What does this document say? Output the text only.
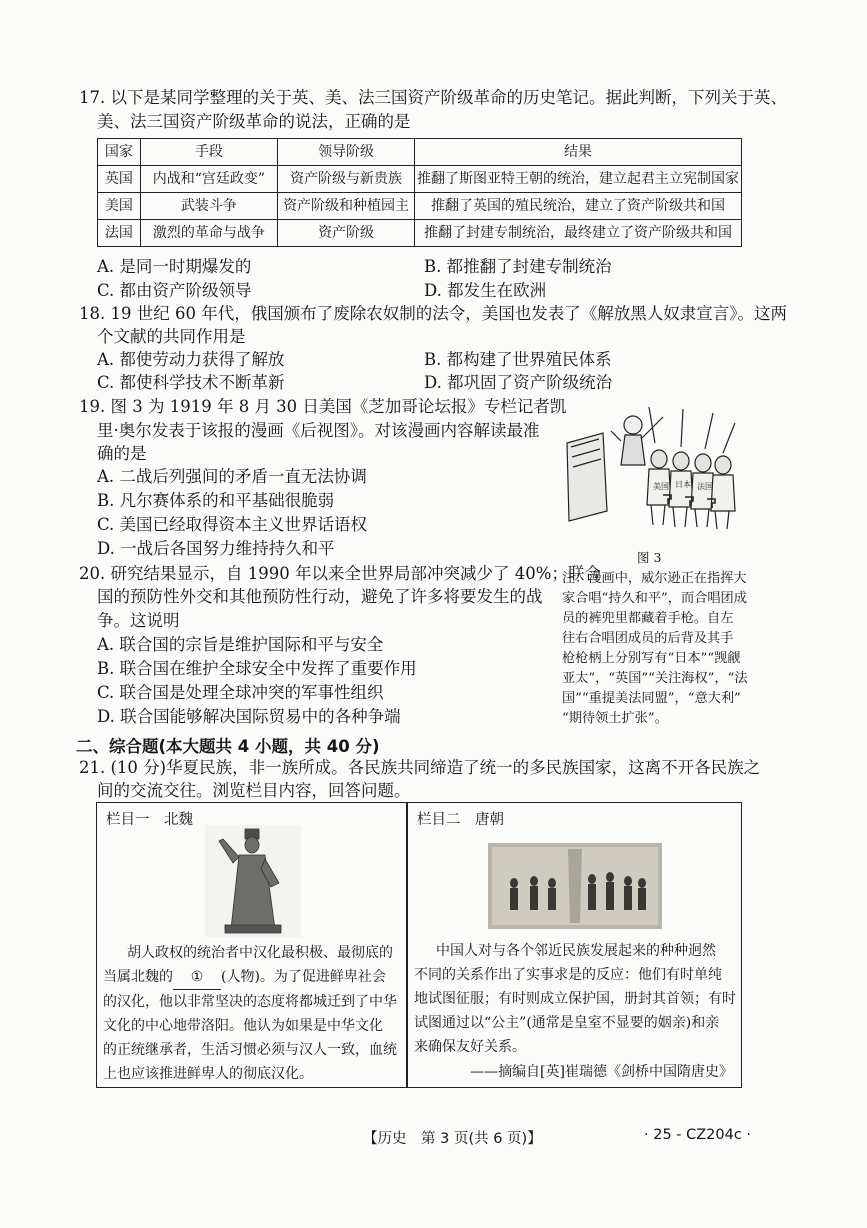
17. 以下是某同学整理的关于英、美、法三国资产阶级革命的历史笔记。据此判断，下列关于英、
美、法三国资产阶级革命的说法，正确的是
国家	手段	领导阶级	结果
英国	内战和“宫廷政变”	资产阶级与新贵族	推翻了斯图亚特王朝的统治，建立起君主立宪制国家
美国	武装斗争	资产阶级和种植园主	推翻了英国的殖民统治，建立了资产阶级共和国
法国	激烈的革命与战争	资产阶级	推翻了封建专制统治，最终建立了资产阶级共和国
A. 是同一时期爆发的	B. 都推翻了封建专制统治
C. 都由资产阶级领导	D. 都发生在欧洲
18. 19 世纪 60 年代，俄国颁布了废除农奴制的法令，美国也发表了《解放黑人奴隶宣言》。这两
个文献的共同作用是
A. 都使劳动力获得了解放	B. 都构建了世界殖民体系
C. 都使科学技术不断革新	D. 都巩固了资产阶级统治
19. 图 3 为 1919 年 8 月 30 日美国《芝加哥论坛报》专栏记者凯
里·奥尔发表于该报的漫画《后视图》。对该漫画内容解读最准
确的是
A. 二战后列强间的矛盾一直无法协调
B. 凡尔赛体系的和平基础很脆弱
C. 美国已经取得资本主义世界话语权
D. 一战后各国努力维持持久和平
美国 日本 法国
图 3
注：漫画中，威尔逊正在指挥大
家合唱“持久和平”，而合唱团成
员的裤兜里都藏着手枪。自左
往右合唱团成员的后背及其手
枪枪柄上分别写有“日本”“觊觎
亚太”，“英国”“关注海权”，“法
国”“重提美法同盟”，“意大利”
“期待领土扩张”。
20. 研究结果显示，自 1990 年以来全世界局部冲突减少了 40%；联合
国的预防性外交和其他预防性行动，避免了许多将要发生的战
争。这说明
A. 联合国的宗旨是维护国际和平与安全
B. 联合国在维护全球安全中发挥了重要作用
C. 联合国是处理全球冲突的军事性组织
D. 联合国能够解决国际贸易中的各种争端
二、综合题(本大题共 4 小题，共 40 分)
21. (10 分)华夏民族，非一族所成。各民族共同缔造了统一的多民族国家，这离不开各民族之
间的交流交往。浏览栏目内容，回答问题。
栏目一　北魏
胡人政权的统治者中汉化最积极、最彻底的
当属北魏的 ① (人物)。为了促进鲜卑社会
的汉化，他以非常坚决的态度将都城迁到了中华
文化的中心地带洛阳。他认为如果是中华文化
的正统继承者，生活习惯必须与汉人一致，血统
上也应该推进鲜卑人的彻底汉化。
栏目二　唐朝
中国人对与各个邻近民族发展起来的种种迥然
不同的关系作出了实事求是的反应：他们有时单纯
地试图征服；有时则成立保护国，册封其首领；有时
试图通过以“公主”(通常是皇室不显要的姻亲)和亲
来确保友好关系。
——摘编自[英]崔瑞德《剑桥中国隋唐史》
【历史　第 3 页(共 6 页)】	· 25 - CZ204c ·
